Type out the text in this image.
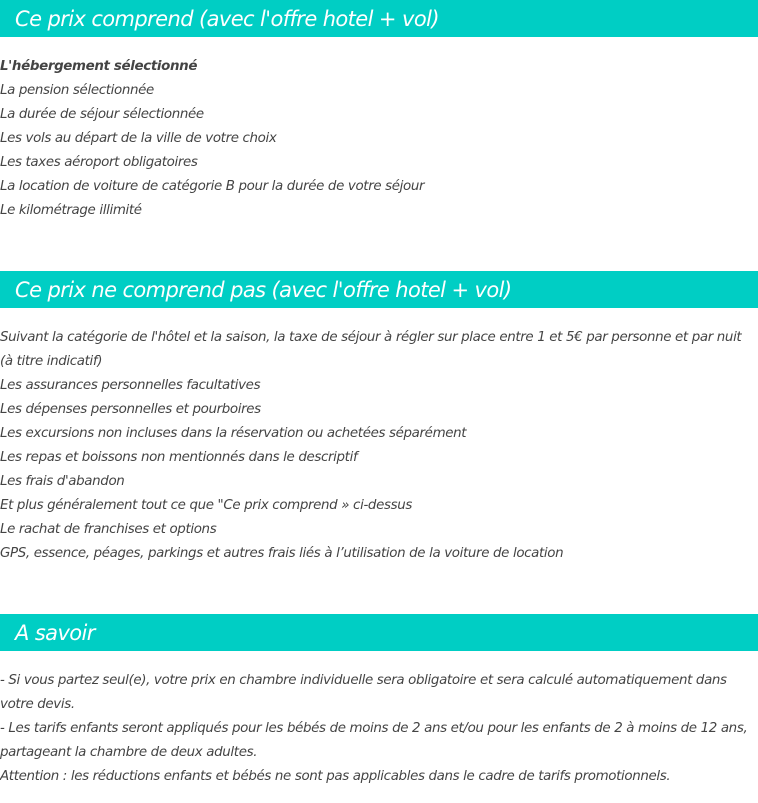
Ce prix comprend (avec l'offre hotel + vol)

L'hébergement sélectionné

La pension sélectionnée

La durée de séjour sélectionnée

Les vols au départ de la ville de votre choix

Les taxes aéroport obligatoires

La location de voiture de catégorie B pour la durée de votre séjour

Le kilométrage illimité

Ce prix ne comprend pas (avec l'offre hotel + vol)

Suivant la catégorie de l'hôtel et la saison, la taxe de séjour à régler sur place entre 1 et 5€ par personne et par nuit (à titre indicatif)

Les assurances personnelles facultatives

Les dépenses personnelles et pourboires

Les excursions non incluses dans la réservation ou achetées séparément

Les repas et boissons non mentionnés dans le descriptif

Les frais d'abandon

Et plus généralement tout ce que "Ce prix comprend » ci-dessus

Le rachat de franchises et options

GPS, essence, péages, parkings et autres frais liés à l’utilisation de la voiture de location

A savoir

- Si vous partez seul(e), votre prix en chambre individuelle sera obligatoire et sera calculé automatiquement dans votre devis.

- Les tarifs enfants seront appliqués pour les bébés de moins de 2 ans et/ou pour les enfants de 2 à moins de 12 ans, partageant la chambre de deux adultes.

Attention : les réductions enfants et bébés ne sont pas applicables dans le cadre de tarifs promotionnels.
